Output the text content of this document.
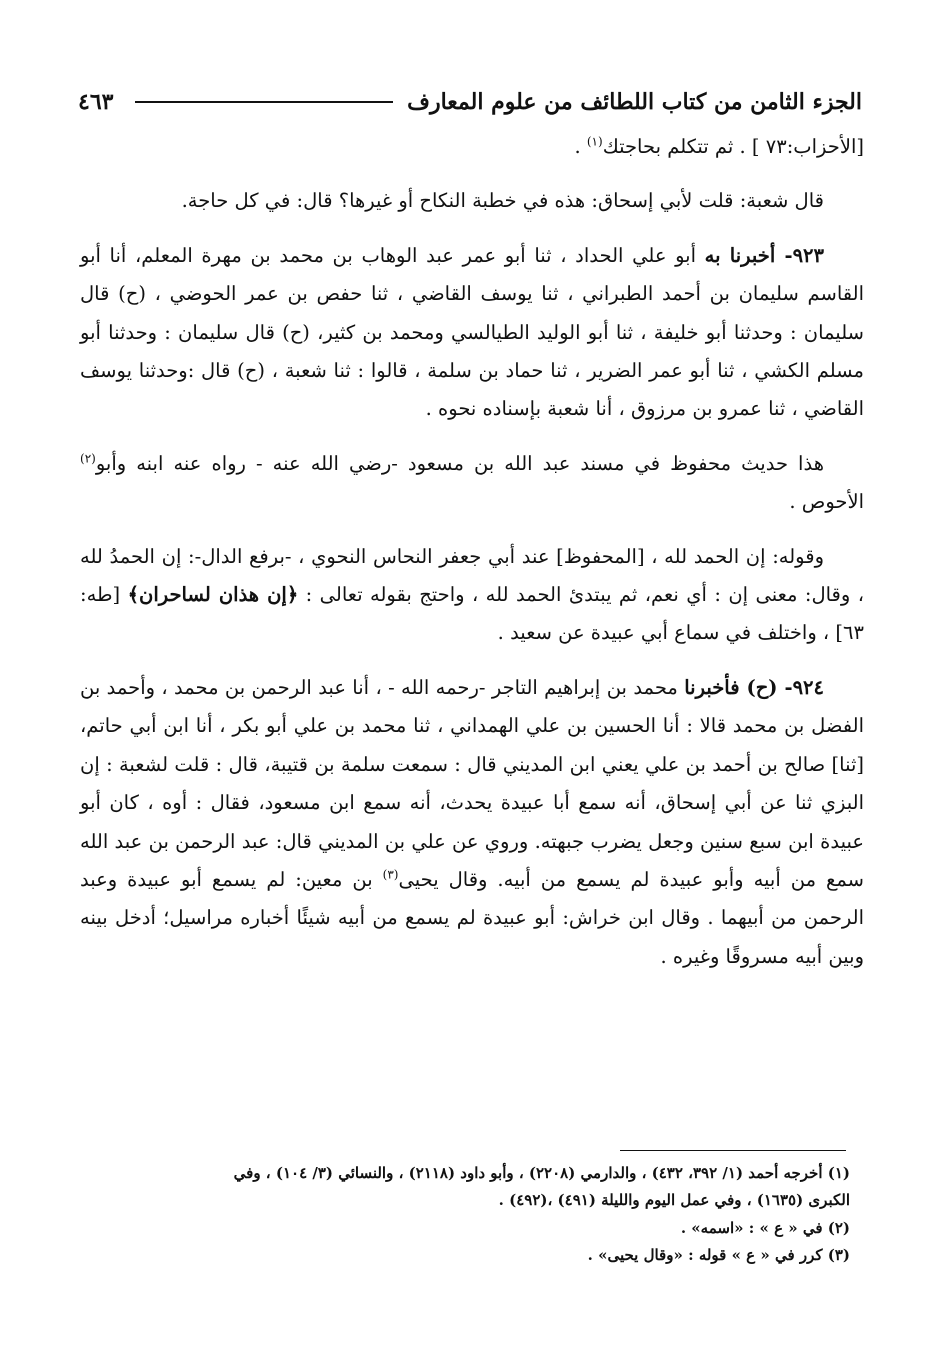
الجزء الثامن من كتاب اللطائف من علوم المعارف
٤٦٣

[الأحزاب:٧٣ ] . ثم تتكلم بحاجتك$^{(١)}$ .

قال شعبة: قلت لأبي إسحاق: هذه في خطبة النكاح أو غيرها؟ قال: في كل حاجة.

٩٢٣- أخبرنا به أبو علي الحداد ، ثنا أبو عمر عبد الوهاب بن محمد بن مهرة المعلم، أنا أبو القاسم سليمان بن أحمد الطبراني ، ثنا يوسف القاضي ، ثنا حفص بن عمر الحوضي ، (ح) قال سليمان : وحدثنا أبو خليفة ، ثنا أبو الوليد الطيالسي ومحمد بن كثير، (ح) قال سليمان : وحدثنا أبو مسلم الكشي ، ثنا أبو عمر الضرير ، ثنا حماد بن سلمة ، قالوا : ثنا شعبة ، (ح) قال :وحدثنا يوسف القاضي ، ثنا عمرو بن مرزوق ، أنا شعبة بإسناده نحوه .

هذا حديث محفوظ في مسند عبد الله بن مسعود -رضي الله عنه - رواه عنه ابنه وأبو$^{(٢)}$ الأحوص .

وقوله: إن الحمد لله ، [المحفوظ] عند أبي جعفر النحاس النحوي ، -برفع الدال-: إن الحمدُ لله ، وقال: معنى إن : أي نعم، ثم يبتدئ الحمد لله ، واحتج بقوله تعالى : ﴿إن هذان لساحران﴾ [طه: ٦٣] ، واختلف في سماع أبي عبيدة عن سعيد .

٩٢٤- (ح) فأخبرنا محمد بن إبراهيم التاجر -رحمه الله - ، أنا عبد الرحمن بن محمد ، وأحمد بن الفضل بن محمد قالا : أنا الحسين بن علي الهمداني ، ثنا محمد بن علي أبو بكر ، أنا ابن أبي حاتم، [ثنا] صالح بن أحمد بن علي يعني ابن المديني قال : سمعت سلمة بن قتيبة، قال : قلت لشعبة : إن البزي ثنا عن أبي إسحاق، أنه سمع أبا عبيدة يحدث، أنه سمع ابن مسعود، فقال : أوه ، كان أبو عبيدة ابن سبع سنين وجعل يضرب جبهته. وروي عن علي بن المديني قال: عبد الرحمن بن عبد الله سمع من أبيه وأبو عبيدة لم يسمع من أبيه. وقال يحيى$^{(٣)}$ بن معين: لم يسمع أبو عبيدة وعبد الرحمن من أبيهما . وقال ابن خراش: أبو عبيدة لم يسمع من أبيه شيئًا أخباره مراسيل؛ أدخل بينه وبين أبيه مسروقًا وغيره .

(١) أخرجه أحمد (١/ ٣٩٢، ٤٣٢) ، والدارمي (٢٢٠٨) ، وأبو داود (٢١١٨) ، والنسائي (٣/ ١٠٤) ، وفي

الكبرى (١٦٣٥) ، وفي عمل اليوم والليلة (٤٩١) ،(٤٩٢) .

(٢) في « ع » : «اسمه» .

(٣) كرر في « ع » قوله : «وقال يحيى» .
